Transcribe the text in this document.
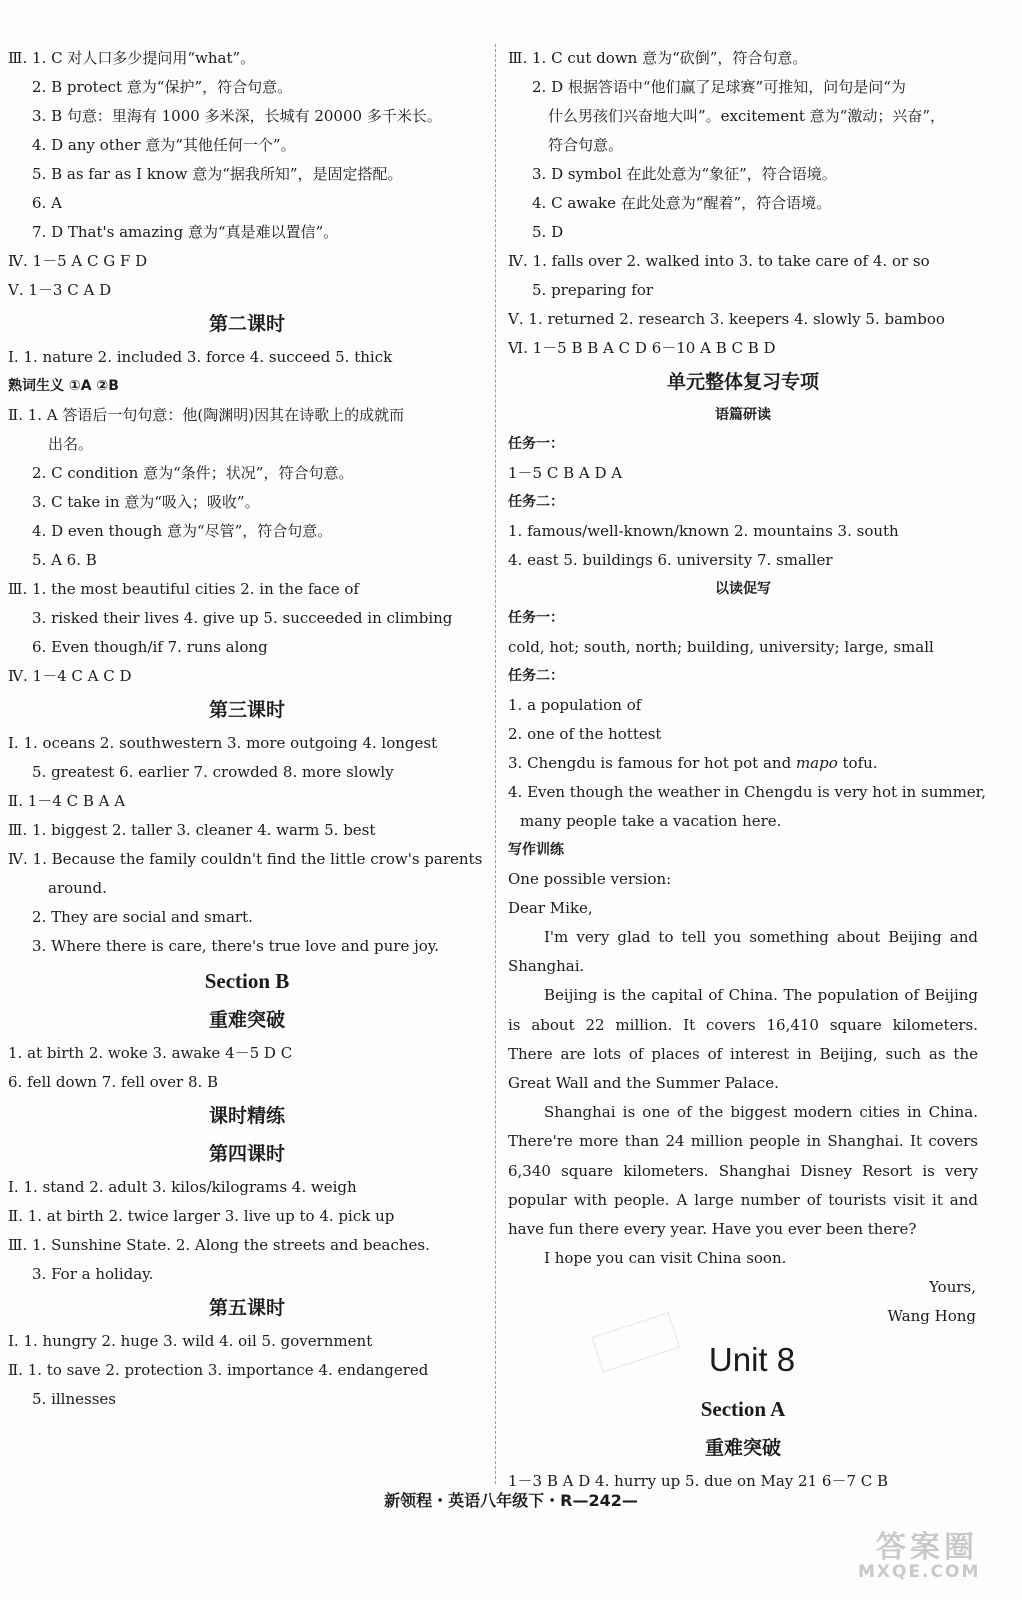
Ⅲ. 1. C 对人口多少提问用“what”。
2. B protect 意为“保护”，符合句意。
3. B 句意：里海有 1000 多米深，长城有 20000 多千米长。
4. D any other 意为“其他任何一个”。
5. B as far as I know 意为“据我所知”，是固定搭配。
6. A
7. D That's amazing 意为“真是难以置信”。
Ⅳ. 1－5 A C G F D
Ⅴ. 1－3 C A D
第二课时
Ⅰ. 1. nature 2. included 3. force 4. succeed 5. thick
熟词生义 ①A ②B
Ⅱ. 1. A 答语后一句句意：他(陶渊明)因其在诗歌上的成就而
出名。
2. C condition 意为“条件；状况”，符合句意。
3. C take in 意为“吸入；吸收”。
4. D even though 意为“尽管”，符合句意。
5. A 6. B
Ⅲ. 1. the most beautiful cities 2. in the face of
3. risked their lives 4. give up 5. succeeded in climbing
6. Even though/if 7. runs along
Ⅳ. 1－4 C A C D
第三课时
Ⅰ. 1. oceans 2. southwestern 3. more outgoing 4. longest
5. greatest 6. earlier 7. crowded 8. more slowly
Ⅱ. 1－4 C B A A
Ⅲ. 1. biggest 2. taller 3. cleaner 4. warm 5. best
Ⅳ. 1. Because the family couldn't find the little crow's parents
around.
2. They are social and smart.
3. Where there is care, there's true love and pure joy.
Section B
重难突破
1. at birth 2. woke 3. awake 4－5 D C
6. fell down 7. fell over 8. B
课时精练
第四课时
Ⅰ. 1. stand 2. adult 3. kilos/kilograms 4. weigh
Ⅱ. 1. at birth 2. twice larger 3. live up to 4. pick up
Ⅲ. 1. Sunshine State. 2. Along the streets and beaches.
3. For a holiday.
第五课时
Ⅰ. 1. hungry 2. huge 3. wild 4. oil 5. government
Ⅱ. 1. to save 2. protection 3. importance 4. endangered
5. illnesses
Ⅲ. 1. C cut down 意为“砍倒”，符合句意。
2. D 根据答语中“他们赢了足球赛”可推知，问句是问“为
什么男孩们兴奋地大叫”。excitement 意为“激动；兴奋”，
符合句意。
3. D symbol 在此处意为“象征”，符合语境。
4. C awake 在此处意为“醒着”，符合语境。
5. D
Ⅳ. 1. falls over 2. walked into 3. to take care of 4. or so
5. preparing for
Ⅴ. 1. returned 2. research 3. keepers 4. slowly 5. bamboo
Ⅵ. 1－5 B B A C D 6－10 A B C B D
单元整体复习专项
语篇研读
任务一：
1－5 C B A D A
任务二：
1. famous/well-known/known 2. mountains 3. south
4. east 5. buildings 6. university 7. smaller
以读促写
任务一：
cold, hot; south, north; building, university; large, small
任务二：
1. a population of
2. one of the hottest
3. Chengdu is famous for hot pot and mapo tofu.
4. Even though the weather in Chengdu is very hot in summer,
many people take a vacation here.
写作训练
One possible version:
Dear Mike,
I'm very glad to tell you something about Beijing and Shanghai.
Beijing is the capital of China. The population of Beijing is about 22 million. It covers 16,410 square kilometers. There are lots of places of interest in Beijing, such as the Great Wall and the Summer Palace.
Shanghai is one of the biggest modern cities in China. There're more than 24 million people in Shanghai. It covers 6,340 square kilometers. Shanghai Disney Resort is very popular with people. A large number of tourists visit it and have fun there every year. Have you ever been there?
I hope you can visit China soon.
Yours,
Wang Hong
Unit 8
Section A
重难突破
1－3 B A D 4. hurry up 5. due on May 21 6－7 C B
新领程・英语八年级下・R—242—
答案圈
MXQE.COM
